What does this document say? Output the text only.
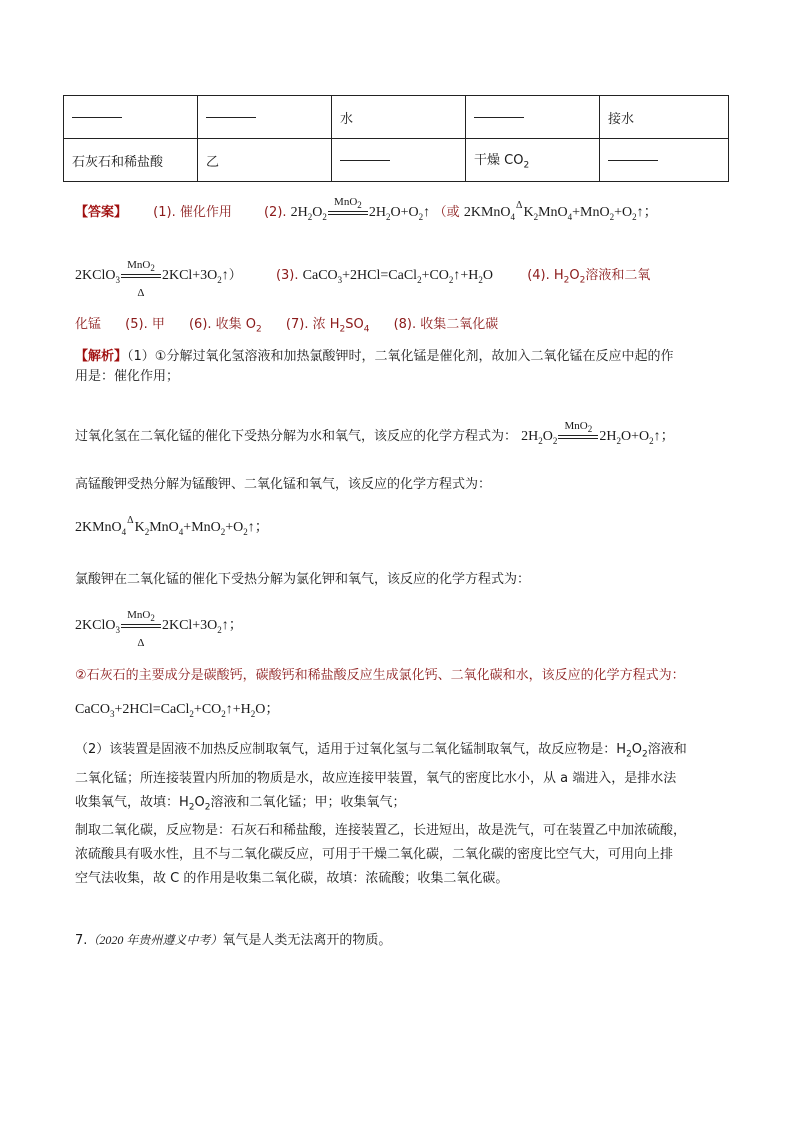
		水		接水
石灰石和稀盐酸	乙		干燥 $CO_2$	
【答案】 (1). 催化作用 (2). $2H_2O_2$
MnO$_2$
$2H_2O+O_2↑$ （或 $2KMnO_4\Delta K_2MnO_4+MnO_2+O_2↑$；
2KClO$_3$
MnO$_2$
Δ
$2KCl+3O_2↑$）	(3). $CaCO_3+2HCl=CaCl_2+CO_2↑+H_2O$	(4). $H_2O_2$溶液和二氧
化锰 (5). 甲 (6). 收集 $O_2$ (7). 浓 $H_2SO_4$ (8). 收集二氧化碳
【解析】（1）①分解过氧化氢溶液和加热氯酸钾时，二氧化锰是催化剂，故加入二氧化锰在反应中起的作
用是：催化作用；
过氧化氢在二氧化锰的催化下受热分解为水和氧气，该反应的化学方程式为： $2H_2O_2$
MnO$_2$
$2H_2O+O_2↑$；
高锰酸钾受热分解为锰酸钾、二氧化锰和氧气，该反应的化学方程式为：
$2KMnO_4\Delta K_2MnO_4+MnO_2+O_2↑$；
氯酸钾在二氧化锰的催化下受热分解为氯化钾和氧气，该反应的化学方程式为：
2KClO$_3$
MnO$_2$
Δ
$2KCl+3O_2↑$；
②石灰石的主要成分是碳酸钙，碳酸钙和稀盐酸反应生成氯化钙、二氧化碳和水，该反应的化学方程式为：
$CaCO_3+2HCl=CaCl_2+CO_2↑+H_2O$；
（2）该装置是固液不加热反应制取氧气，适用于过氧化氢与二氧化锰制取氧气，故反应物是：$H_2O_2$溶液和
二氧化锰；所连接装置内所加的物质是水，故应连接甲装置，氧气的密度比水小，从 a 端进入，是排水法
收集氧气，故填：$H_2O_2$溶液和二氧化锰；甲；收集氧气；
制取二氧化碳，反应物是：石灰石和稀盐酸，连接装置乙，长进短出，故是洗气，可在装置乙中加浓硫酸，
浓硫酸具有吸水性，且不与二氧化碳反应，可用于干燥二氧化碳，二氧化碳的密度比空气大，可用向上排
空气法收集，故 C 的作用是收集二氧化碳，故填：浓硫酸；收集二氧化碳。
7.（2020 年贵州遵义中考）氧气是人类无法离开的物质。
